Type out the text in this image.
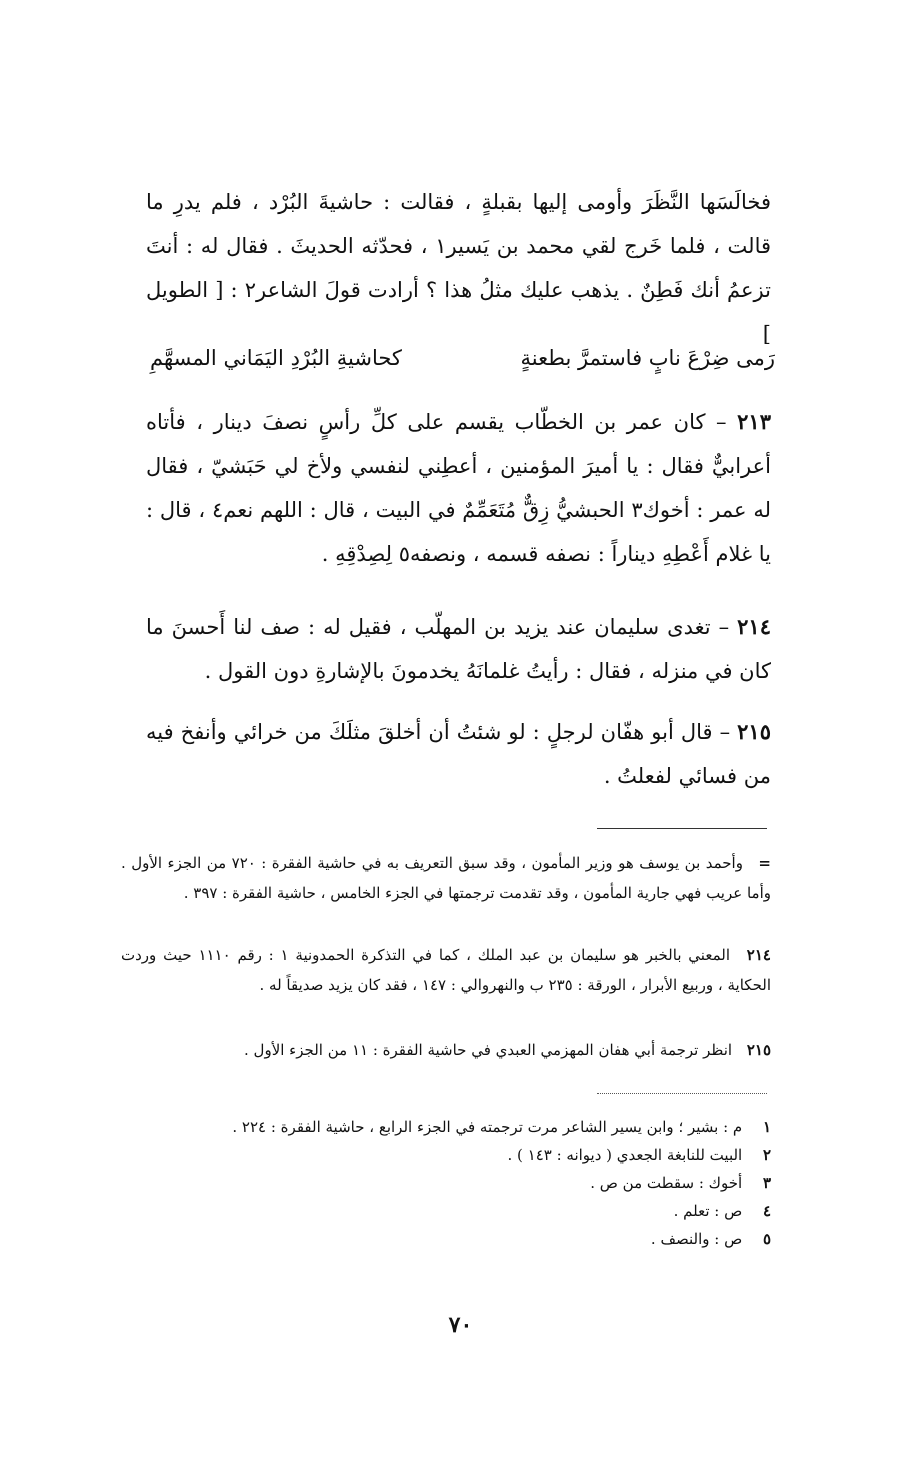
فخالَسَها النَّظَرَ وأومى إليها بقبلةٍ ، فقالت : حاشيةَ البُرْد ، فلم يدرِ ما قالت ، فلما خَرج لقي محمد بن يَسير١ ، فحدّثه الحديثَ . فقال له : أنتَ تزعمُ أنك فَطِنٌ . يذهب عليك مثلُ هذا ؟ أرادت قولَ الشاعر٢ : [ الطويل ]

رَمى ضِرْعَ نابٍ فاستمرَّ بطعنةٍ
كحاشيةِ البُرْدِ اليَمَاني المسهَّمِ

٢١٣ – كان عمر بن الخطّاب يقسم على كلِّ رأسٍ نصفَ دينار ، فأتاه أعرابيٌّ فقال : يا أميرَ المؤمنين ، أعطِني لنفسي ولأخ لي حَبَشيّ ، فقال له عمر : أخوك٣ الحبشيُّ زِقٌّ مُتَعَمِّمٌ في البيت ، قال : اللهم نعم٤ ، قال : يا غلام أَعْطِهِ ديناراً : نصفه قسمه ، ونصفه٥ لِصِدْقِهِ .

٢١٤ – تغدى سليمان عند يزيد بن المهلّب ، فقيل له : صف لنا أَحسنَ ما كان في منزله ، فقال : رأيتُ غلمانَهُ يخدمونَ بالإشارةِ دون القول .

٢١٥ – قال أبو هفّان لرجلٍ : لو شئتُ أن أخلقَ مثلَكَ من خرائي وأنفخ فيه من فسائي لفعلتُ .

= وأحمد بن يوسف هو وزير المأمون ، وقد سبق التعريف به في حاشية الفقرة : ٧٢٠ من الجزء الأول . وأما عريب فهي جارية المأمون ، وقد تقدمت ترجمتها في الجزء الخامس ، حاشية الفقرة : ٣٩٧ .

٢١٤ المعني بالخبر هو سليمان بن عبد الملك ، كما في التذكرة الحمدونية ١ : رقم ١١١٠ حيث وردت الحكاية ، وربيع الأبرار ، الورقة : ٢٣٥ ب والنهروالي : ١٤٧ ، فقد كان يزيد صديقاً له .

٢١٥ انظر ترجمة أبي هفان المهزمي العبدي في حاشية الفقرة : ١١ من الجزء الأول .

١ م : بشير ؛ وابن يسير الشاعر مرت ترجمته في الجزء الرابع ، حاشية الفقرة : ٢٢٤ .
٢ البيت للنابغة الجعدي ( ديوانه : ١٤٣ ) .
٣ أخوك : سقطت من ص .
٤ ص : تعلم .
٥ ص : والنصف .
٧٠
